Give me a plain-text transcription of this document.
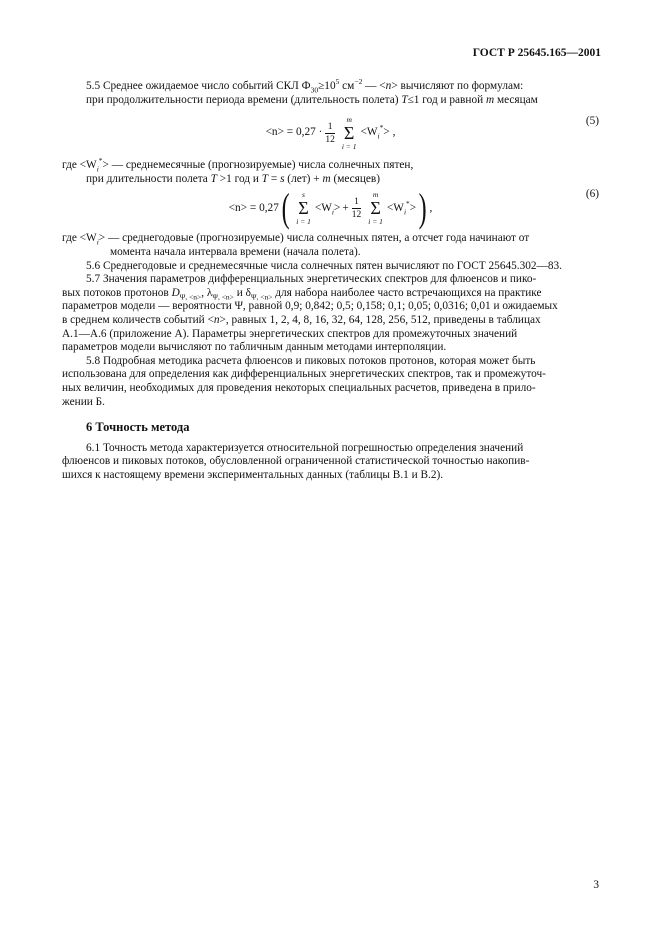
ГОСТ Р 25645.165—2001
5.5 Среднее ожидаемое число событий СКЛ $Ф_{30}\ge 10^5$ $см^{-2}$ — <n> вычисляют по формулам:
при продолжительности периода времени (длительность полета) T≤1 год и равной m месяцам
$<n> = 0,27 \cdot \frac{1}{12}$
m
Σ
i = 1
$<W_i^*>$ ,
(5)
где $<W_i^*>$ — среднемесячные (прогнозируемые) числа солнечных пятен,
при длительности полета T >1 год и T = s (лет) + m (месяцев)
<n> = 0,27 ( s
Σ
i = 1
$<W_i> + \frac{1}{12}$
m
Σ
i = 1
$<W_i^*>$ ) ,
(6)
где $<W_i>$ — среднегодовые (прогнозируемые) числа солнечных пятен, а отсчет года начинают от
момента начала интервала времени (начала полета).
5.6 Среднегодовые и среднемесячные числа солнечных пятен вычисляют по ГОСТ 25645.302—83.
5.7 Значения параметров дифференциальных энергетических спектров для флюенсов и пико-
вых потоков протонов $D_{\Psi, <n>}$, $\lambda_{\Psi, <n>}$ и $\delta_{\Psi, <n>}$ для набора наиболее часто встречающихся на практике
параметров модели — вероятности Ψ, равной 0,9; 0,842; 0,5; 0,158; 0,1; 0,05; 0,0316; 0,01 и ожидаемых
в среднем количеств событий <n>, равных 1, 2, 4, 8, 16, 32, 64, 128, 256, 512, приведены в таблицах
А.1—А.6 (приложение А). Параметры энергетических спектров для промежуточных значений
параметров модели вычисляют по табличным данным методами интерполяции.
5.8 Подробная методика расчета флюенсов и пиковых потоков протонов, которая может быть
использована для определения как дифференциальных энергетических спектров, так и промежуточ-
ных величин, необходимых для проведения некоторых специальных расчетов, приведена в прило-
жении Б.
6 Точность метода
6.1 Точность метода характеризуется относительной погрешностью определения значений
флюенсов и пиковых потоков, обусловленной ограниченной статистической точностью накопив-
шихся к настоящему времени экспериментальных данных (таблицы В.1 и В.2).
3
